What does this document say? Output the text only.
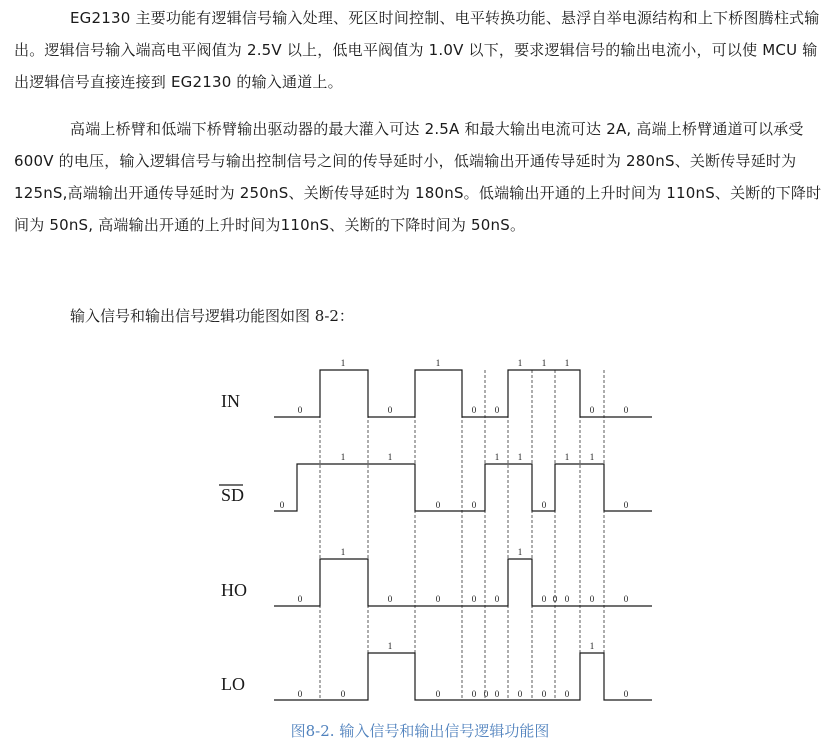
EG2130 主要功能有逻辑信号输入处理、死区时间控制、电平转换功能、悬浮自举电源结构和上下桥图腾柱式输出。逻辑信号输入端高电平阀值为 2.5V 以上，低电平阀值为 1.0V 以下，要求逻辑信号的输出电流小，可以使 MCU 输出逻辑信号直接连接到 EG2130 的输入通道上。

高端上桥臂和低端下桥臂输出驱动器的最大灌入可达 2.5A 和最大输出电流可达 2A, 高端上桥臂通道可以承受 600V 的电压，输入逻辑信号与输出控制信号之间的传导延时小，低端输出开通传导延时为 280nS、关断传导延时为 125nS,高端输出开通传导延时为 250nS、关断传导延时为 180nS。低端输出开通的上升时间为 110nS、关断的下降时间为 50nS, 高端输出开通的上升时间为110nS、关断的下降时间为 50nS。

输入信号和输出信号逻辑功能图如图 8-2：

IN
SD
HO
LO
0
1
0
1
0 0
1 1 1
0	0
0
1	1
0	0
1 1
0
1 1
0
0
1
0	0	0 0
1
0 0 0	0
0
0	0
1
0	0 0 0 0 0
0
1
0

图8-2. 输入信号和输出信号逻辑功能图
